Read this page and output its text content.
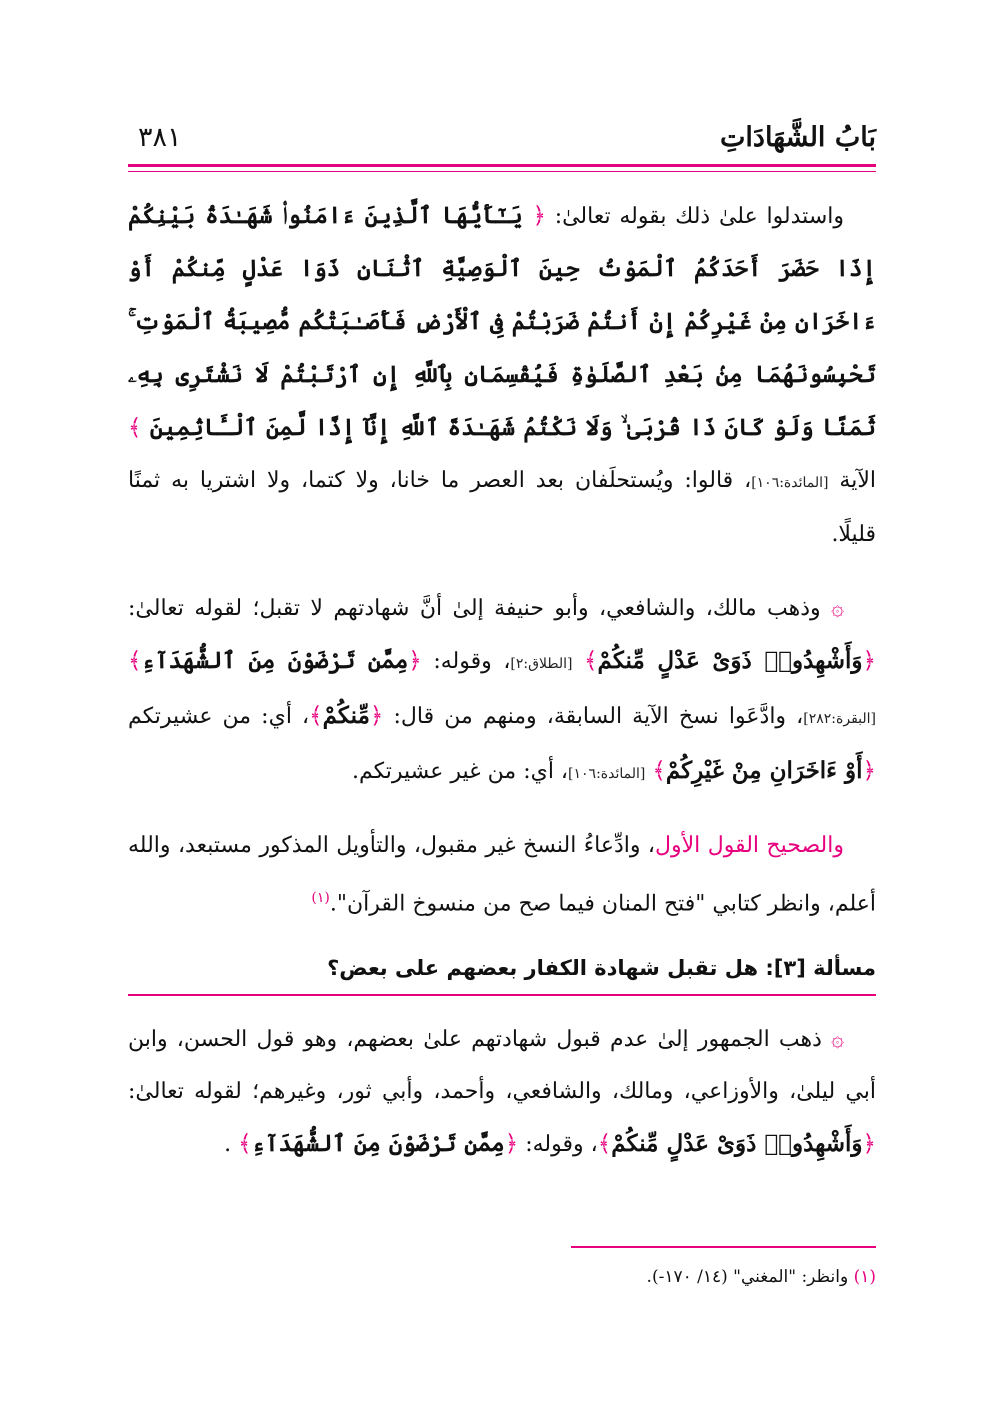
بَابُ الشَّهَادَاتِ
٣٨١

واستدلوا علىٰ ذلك بقوله تعالىٰ: ﴿ يَـٰٓأَيُّهَا ٱلَّذِينَ ءَامَنُوا۟ شَهَـٰدَةُ بَيْنِكُمْ إِذَا حَضَرَ أَحَدَكُمُ ٱلْمَوْتُ حِينَ ٱلْوَصِيَّةِ ٱثْنَانِ ذَوَا عَدْلٍ مِّنكُمْ أَوْ ءَاخَرَانِ مِنْ غَيْرِكُمْ إِنْ أَنتُمْ ضَرَبْتُمْ فِى ٱلْأَرْضِ فَأَصَـٰبَتْكُم مُّصِيبَةُ ٱلْمَوْتِ ۚ تَحْبِسُونَهُمَا مِنۢ بَعْدِ ٱلصَّلَوٰةِ فَيُقْسِمَانِ بِٱللَّهِ إِنِ ٱرْتَبْتُمْ لَا نَشْتَرِى بِهِۦ ثَمَنًا وَلَوْ كَانَ ذَا قُرْبَىٰ ۙ وَلَا نَكْتُمُ شَهَـٰدَةَ ٱللَّهِ إِنَّآ إِذًا لَّمِنَ ٱلْـَٔاثِمِينَ ﴾ الآية [المائدة:١٠٦]، قالوا: ويُستحلَفان بعد العصر ما خانا، ولا كتما، ولا اشتريا به ثمنًا قليلًا.

۞ وذهب مالك، والشافعي، وأبو حنيفة إلىٰ أنَّ شهادتهم لا تقبل؛ لقوله تعالىٰ: ﴿وَأَشْهِدُوا۟ ذَوَىْ عَدْلٍ مِّنكُمْ﴾ [الطلاق:٢]، وقوله: ﴿مِمَّن تَرْضَوْنَ مِنَ ٱلشُّهَدَآءِ﴾ [البقرة:٢٨٢]، وادَّعَوا نسخ الآية السابقة، ومنهم من قال: ﴿مِّنكُمْ﴾، أي: من عشيرتكم ﴿أَوْ ءَاخَرَانِ مِنْ غَيْرِكُمْ﴾ [المائدة:١٠٦]، أي: من غير عشيرتكم.

والصحيح القول الأول، وادِّعاءُ النسخ غير مقبول، والتأويل المذكور مستبعد، والله أعلم، وانظر كتابي "فتح المنان فيما صح من منسوخ القرآن".$^{(١)}$

مسألة [٣]: هل تقبل شهادة الكفار بعضهم على بعض؟

۞ ذهب الجمهور إلىٰ عدم قبول شهادتهم علىٰ بعضهم، وهو قول الحسن، وابن أبي ليلىٰ، والأوزاعي، ومالك، والشافعي، وأحمد، وأبي ثور، وغيرهم؛ لقوله تعالىٰ: ﴿وَأَشْهِدُوا۟ ذَوَىْ عَدْلٍ مِّنكُمْ﴾، وقوله: ﴿مِمَّن تَرْضَوْنَ مِنَ ٱلشُّهَدَآءِ﴾ .

(١) وانظر: "المغني" (١٤/ ١٧٠-).
